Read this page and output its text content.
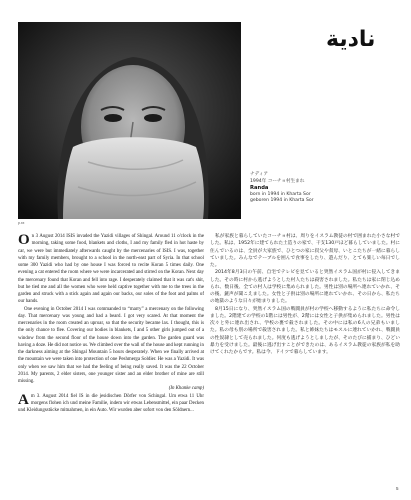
p.xx
نادية
ナディア
1994年 コーチョ村生まれ
Randa
born in 1994 in Kharta Sor
geboren 1994 in Kharta Sor

On 3 August 2014 ISIS invaded the Yazidi villages of Shingal. Around 11 o'clock in the morning, taking some food, blankets and cloths, I and my family fled in hot haste by car, we were but immediately afterwards caught by the mercenaries of ISIS. I was, together with my family members, brought to a school in the north-east part of Syria. In that school some 300 Yazidi who had by one house I was forced to recite Koran 5 times daily. One evening a cat entered the room where we were incarcerated and stirred on the Koran. Next day the mercenary found that Koran and fell into rage. I desperately claimed that it was cat's shit, but he tied me and all the women who were held captive together with me to the trees in the garden and struck with a stick again and again our backs, our soles of the foot and palms of our hands.

One evening in October 2014 I was commanded to “marry” a mercenary on the following day. That mercenary was young and had a beard. I got very scared. At that moment the mercenaries in the room created an uproar, so that the security became lax. I thought, this is the only chance to flee. Covering our bodies in blankets, I and 5 other girls jumped out of a window from the second floor of the house down into the garden. The garden guard was having a doze. He did not notice us. We climbed over the wall of the house and kept running in the darkness aiming at the Shingal Mountain 5 hours desperately. When we finally arrived at the mountain we were taken into protection of one Peshmerga Soldier. He was a Yazidi. It was only when we saw him that we had the feeling of being really saved. It was the 22 October 2014. My parents, 2 elder sisters, one younger sister and an elder brother of mine are still missing.

(In Khanke camp)

Am 3. August 2014 fiel IS in die jesidischen Dörfer von Schingal. Um etwa 11 Uhr morgens flohen ich und meine Familie, indem wir etwas Lebensmittel, ein paar Decken und Kleidungsstücke mitnahmen, in ein Auto. Wir wurden aber sofort von den Söldnern...

私が家族と暮らしていたコーチョ村は、周りをイスラム教徒の村で囲まれた小さな村でした。私は、1952年に建てられた土造りの家で、干支130戸ほど暮らしていました。村に住んでいるのは、全員が大家族で、ひとつの家に叔父や叔母、いとこたちが一緒に暮らしていました。みんなでテーブルを囲んで食事をしたり、遊んだり、とても楽しい毎日でした。

2014年8月3日の午前、自宅でテレビを見ていると突然イスラム国が村に侵入してきました。その時に村から逃げようとした村人たちは殺害されました。私たちは家に閉じ込められ、数日後、全ての村人は学校に集められました。男性は別の場所へ連れていかれ、その後、銃声が聞こえました。女性と子供は別の場所に連れていかれ、その日から、私たちの地獄のような日々が始まりました。

8月15日になり、突然イスラム国の戦闘員が村の学校へ移動するように私たちに命令しました。2階建ての学校の1階には男性が、2階には女性と子供が集められました。男性は次々と外に連れ出され、学校の裏で殺されました。その中には私の6人の兄弟もいました。私の母も別の場所で殺害されました。私と姉妹たちはモスルに連れていかれ、戦闘員の性奴隷として売られました。何度も逃げようとしましたが、そのたびに捕まり、ひどい暴力を受けました。最後に逃げ出すことができたのは、あるイスラム教徒の家族が私を助けてくれたからです。私は今、ドイツで暮らしています。

5
